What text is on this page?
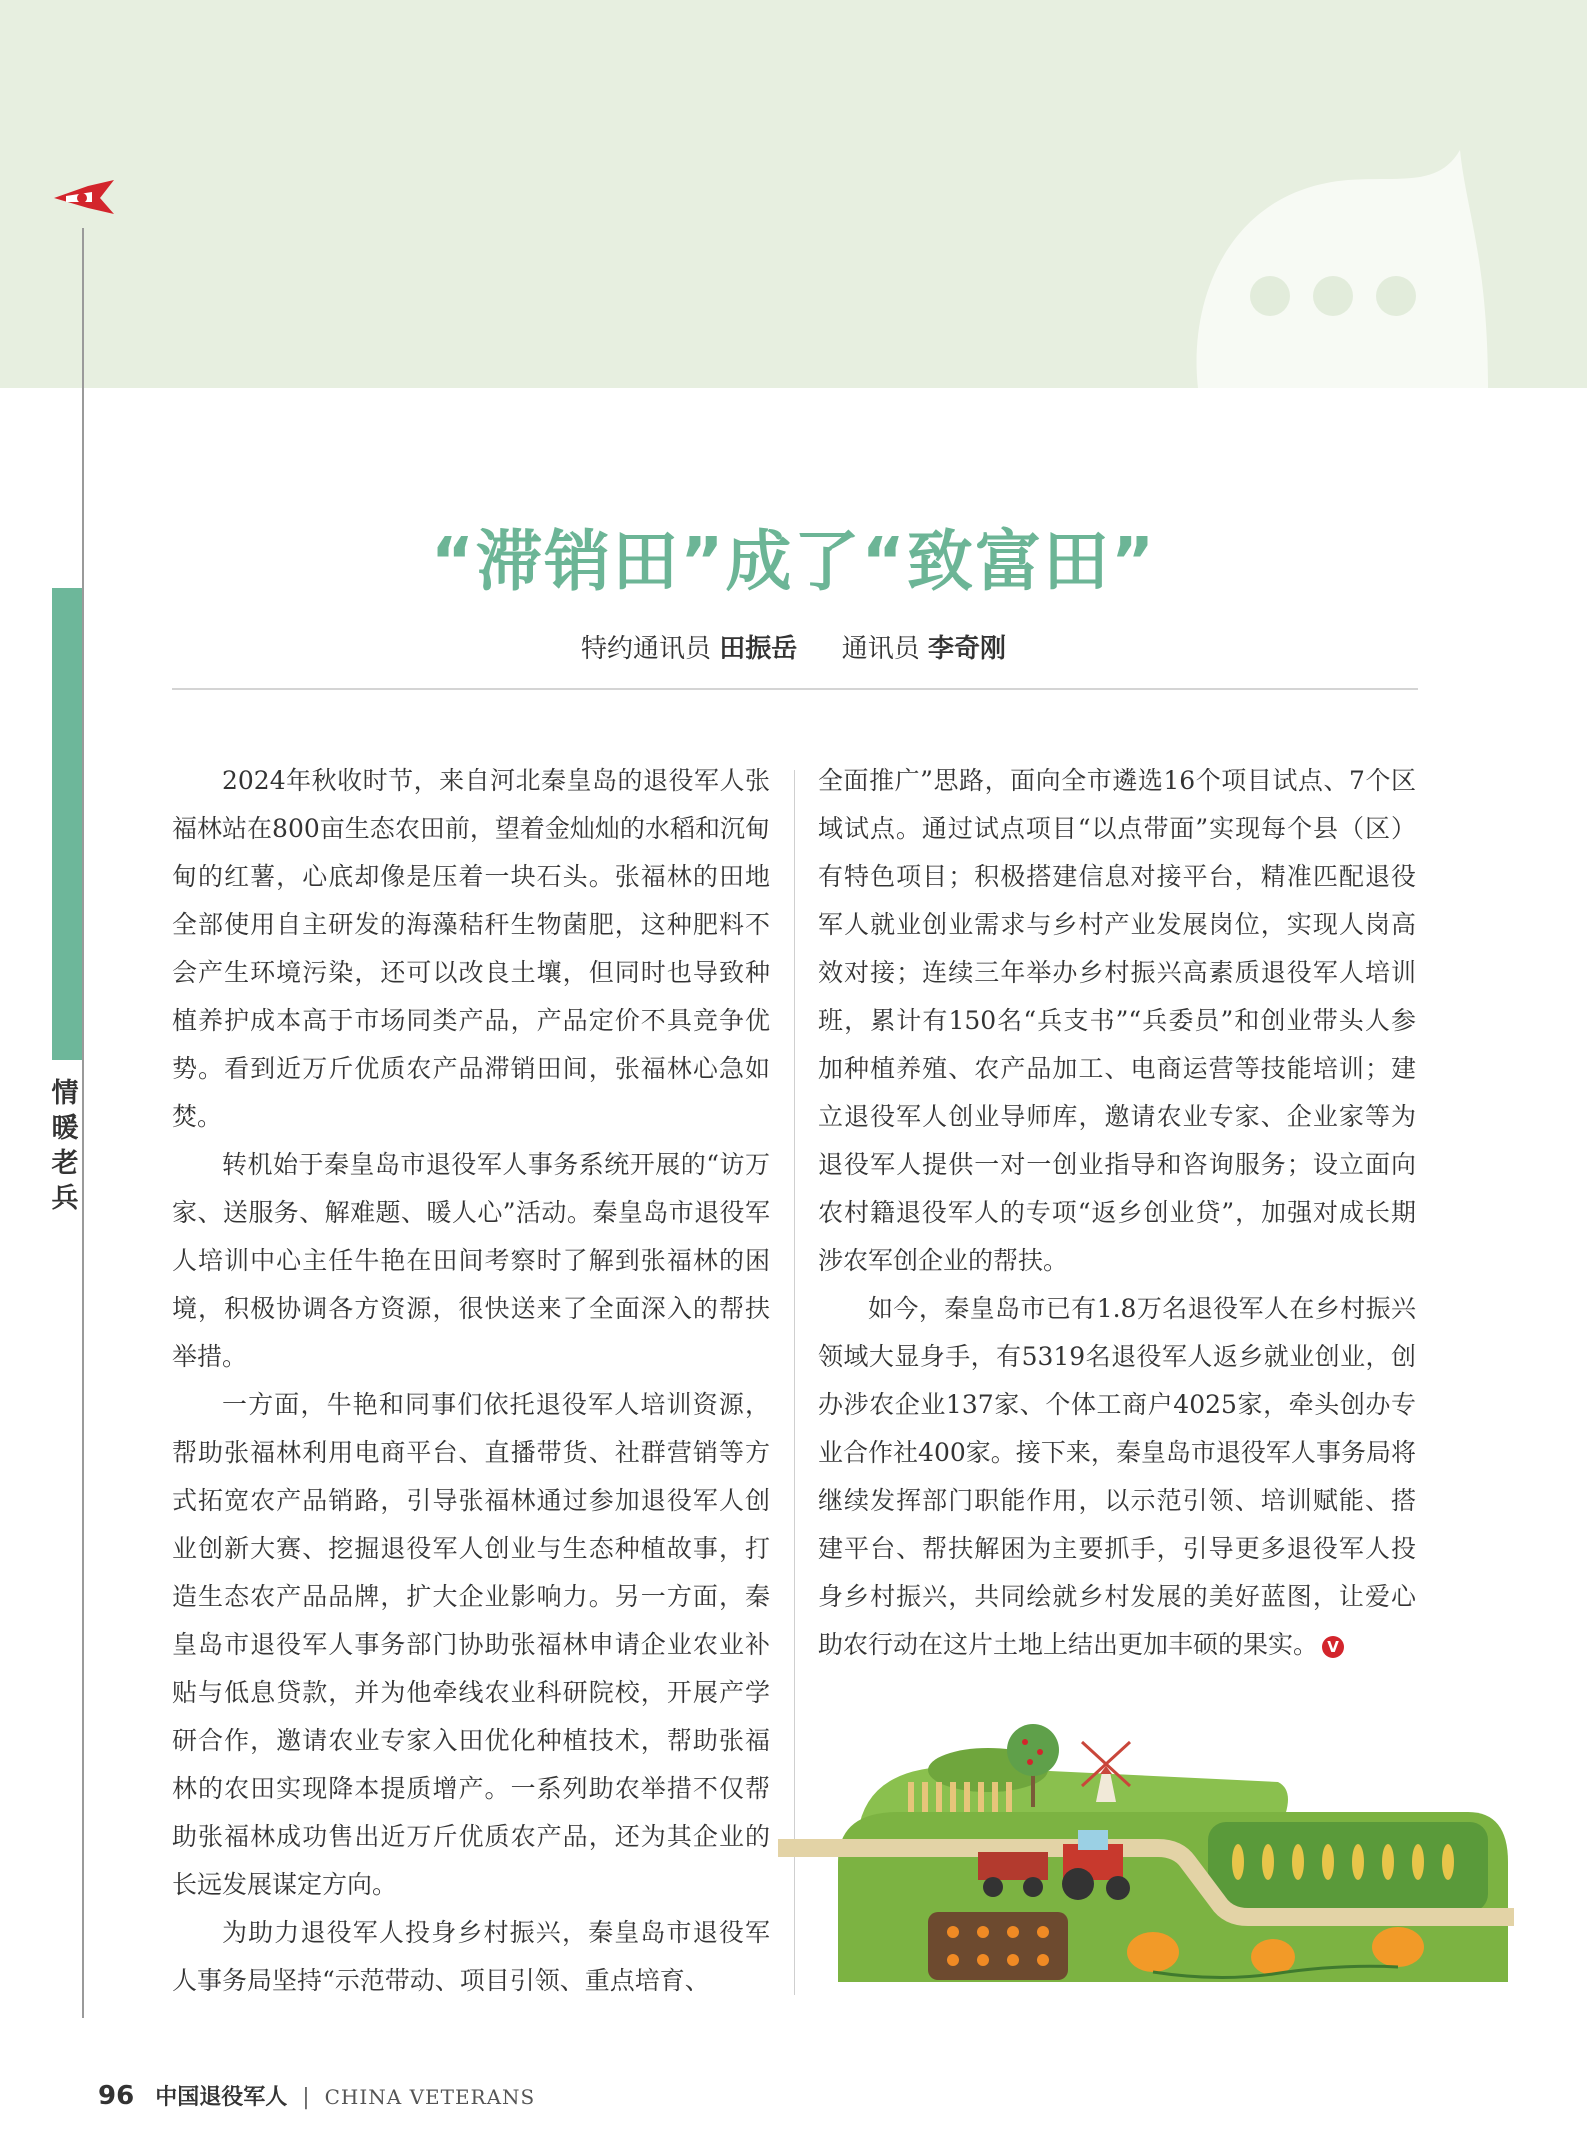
情暖老兵
“滞销田”成了“致富田”
特约通讯员 田振岳 通讯员 李奇刚

2024年秋收时节，来自河北秦皇岛的退役军人张福林站在800亩生态农田前，望着金灿灿的水稻和沉甸甸的红薯，心底却像是压着一块石头。张福林的田地全部使用自主研发的海藻秸秆生物菌肥，这种肥料不会产生环境污染，还可以改良土壤，但同时也导致种植养护成本高于市场同类产品，产品定价不具竞争优势。看到近万斤优质农产品滞销田间，张福林心急如焚。

转机始于秦皇岛市退役军人事务系统开展的“访万家、送服务、解难题、暖人心”活动。秦皇岛市退役军人培训中心主任牛艳在田间考察时了解到张福林的困境，积极协调各方资源，很快送来了全面深入的帮扶举措。

一方面，牛艳和同事们依托退役军人培训资源，帮助张福林利用电商平台、直播带货、社群营销等方式拓宽农产品销路，引导张福林通过参加退役军人创业创新大赛、挖掘退役军人创业与生态种植故事，打造生态农产品品牌，扩大企业影响力。另一方面，秦皇岛市退役军人事务部门协助张福林申请企业农业补贴与低息贷款，并为他牵线农业科研院校，开展产学研合作，邀请农业专家入田优化种植技术，帮助张福林的农田实现降本提质增产。一系列助农举措不仅帮助张福林成功售出近万斤优质农产品，还为其企业的长远发展谋定方向。

为助力退役军人投身乡村振兴，秦皇岛市退役军人事务局坚持“示范带动、项目引领、重点培育、

全面推广”思路，面向全市遴选16个项目试点、7个区域试点。通过试点项目“以点带面”实现每个县（区）有特色项目；积极搭建信息对接平台，精准匹配退役军人就业创业需求与乡村产业发展岗位，实现人岗高效对接；连续三年举办乡村振兴高素质退役军人培训班，累计有150名“兵支书”“兵委员”和创业带头人参加种植养殖、农产品加工、电商运营等技能培训；建立退役军人创业导师库，邀请农业专家、企业家等为退役军人提供一对一创业指导和咨询服务；设立面向农村籍退役军人的专项“返乡创业贷”，加强对成长期涉农军创企业的帮扶。

如今，秦皇岛市已有1.8万名退役军人在乡村振兴领域大显身手，有5319名退役军人返乡就业创业，创办涉农企业137家、个体工商户4025家，牵头创办专业合作社400家。接下来，秦皇岛市退役军人事务局将继续发挥部门职能作用，以示范引领、培训赋能、搭建平台、帮扶解困为主要抓手，引导更多退役军人投身乡村振兴，共同绘就乡村发展的美好蓝图，让爱心助农行动在这片土地上结出更加丰硕的果实。 V

96 中国退役军人 | CHINA VETERANS
